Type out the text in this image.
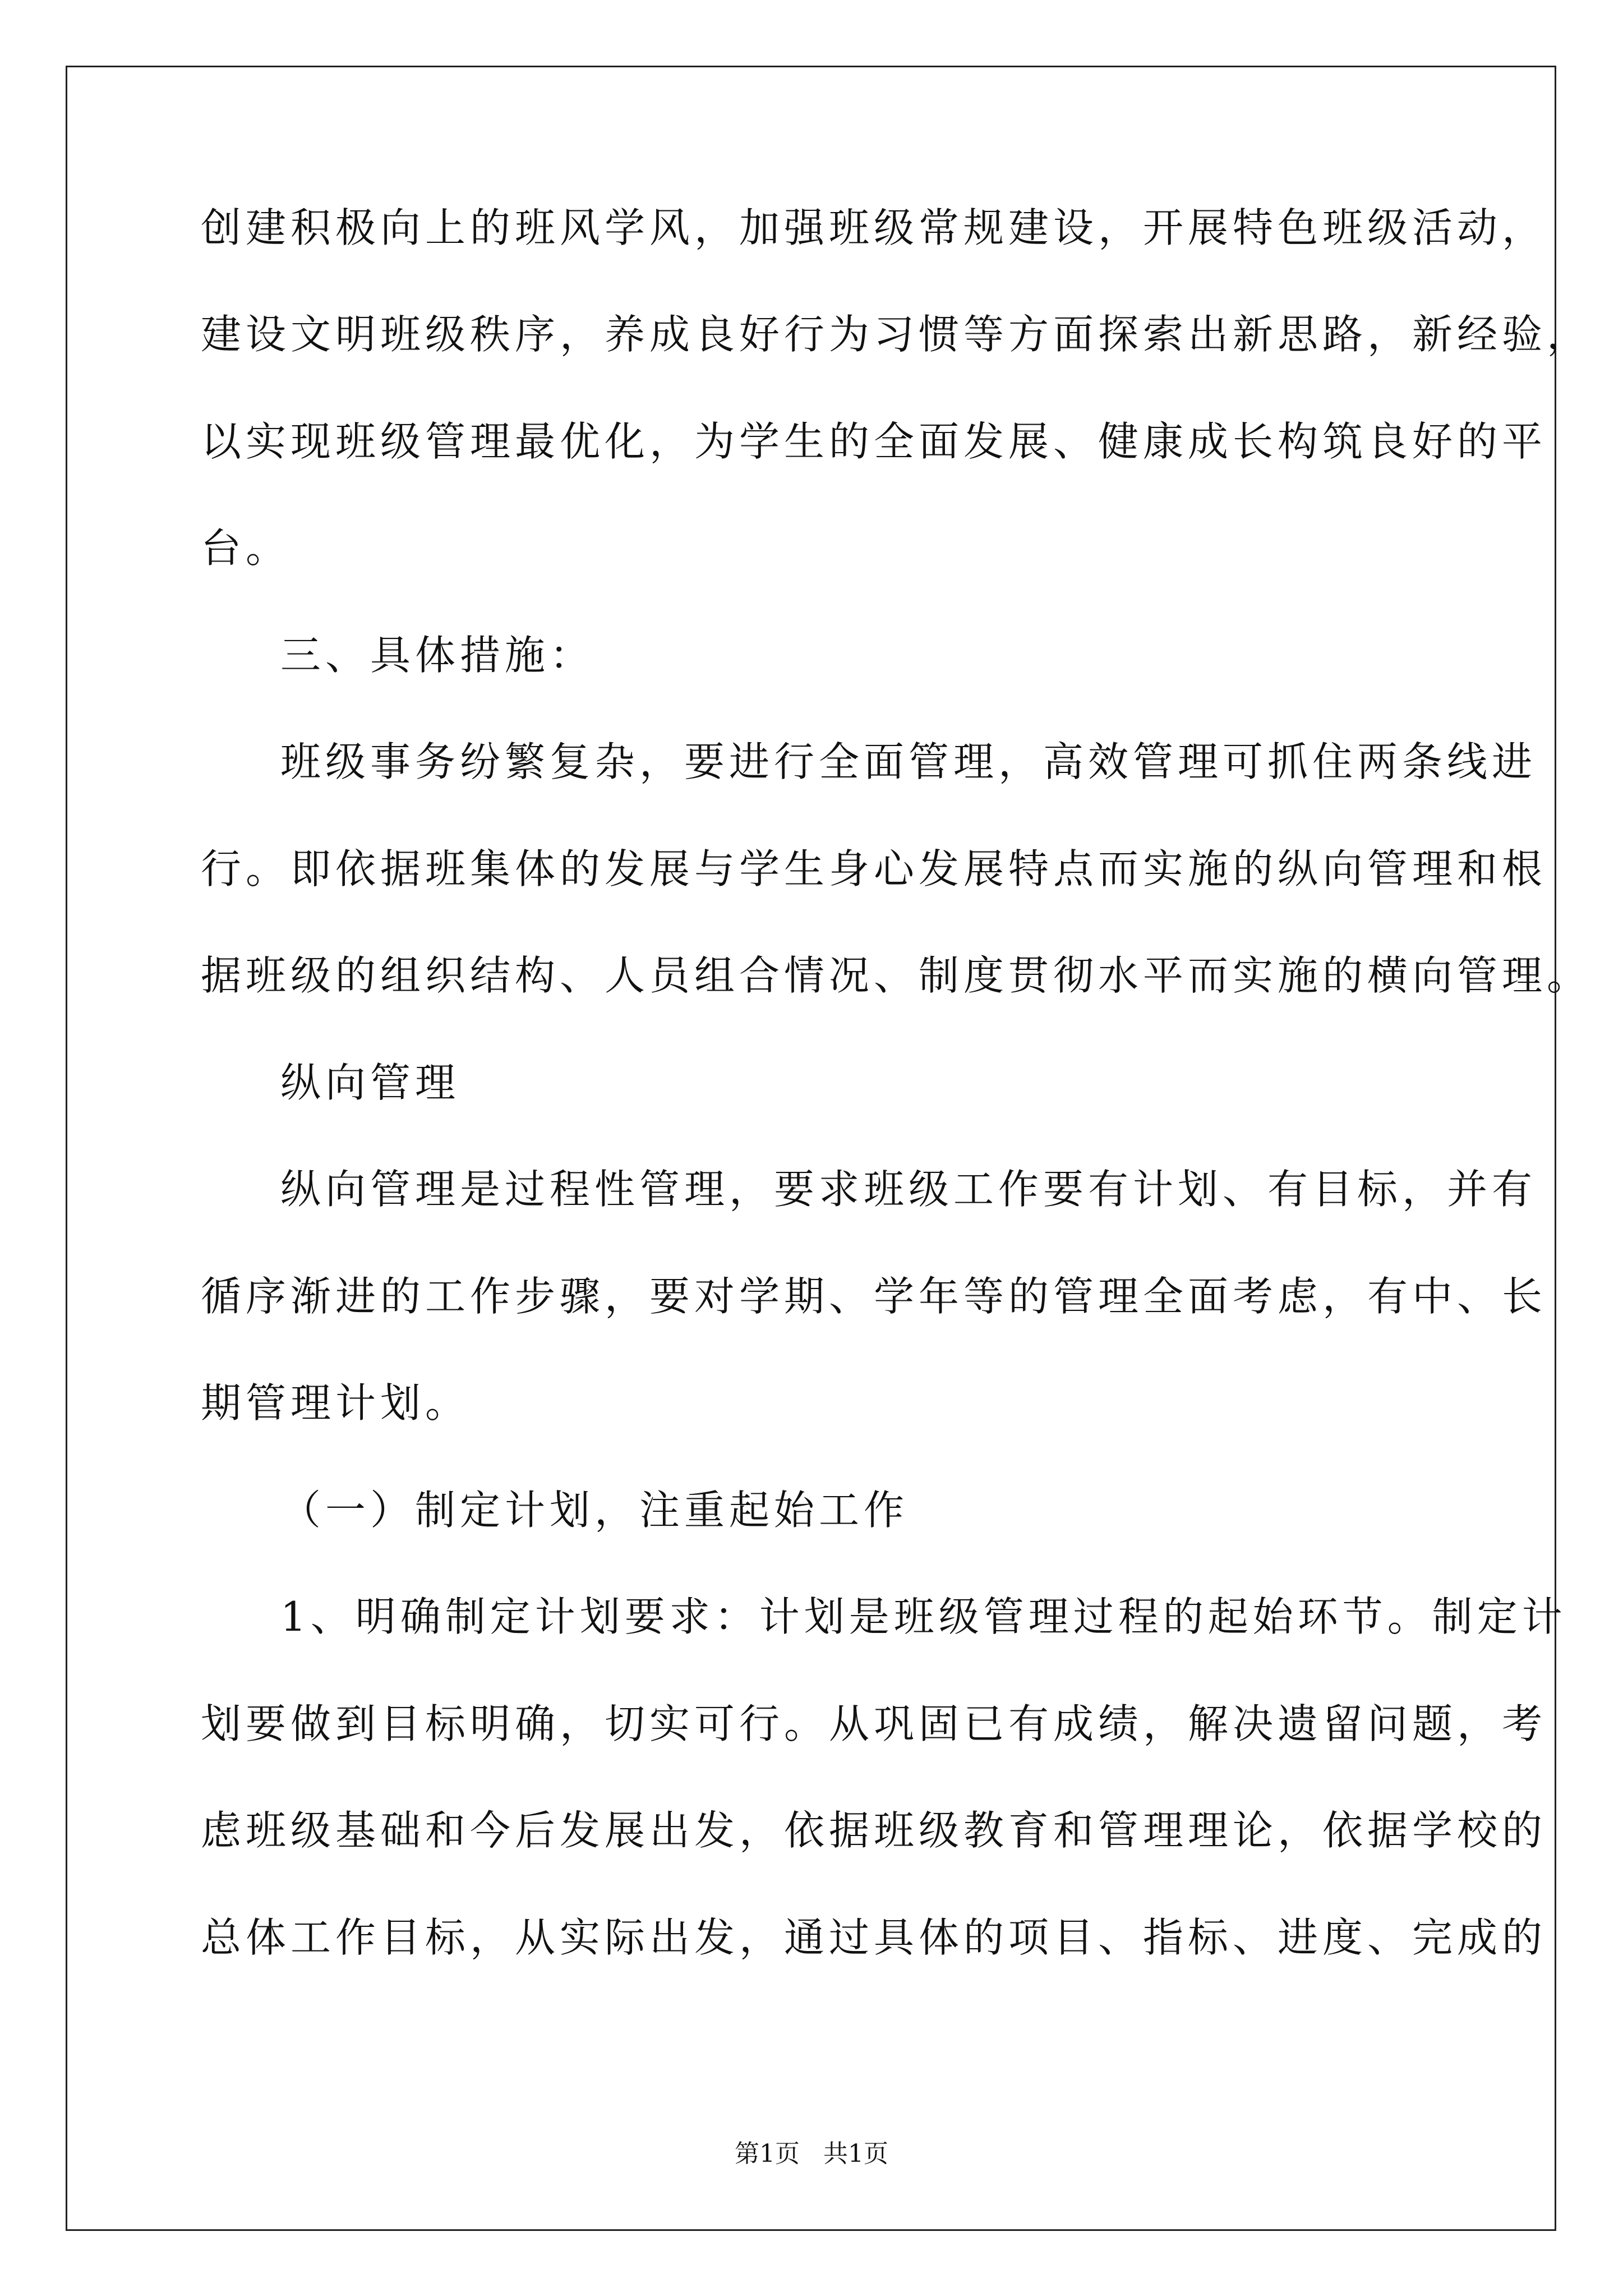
创建积极向上的班风学风，加强班级常规建设，开展特色班级活动，
建设文明班级秩序，养成良好行为习惯等方面探索出新思路，新经验，
以实现班级管理最优化，为学生的全面发展、健康成长构筑良好的平
台。
三、具体措施：
班级事务纷繁复杂，要进行全面管理，高效管理可抓住两条线进
行。即依据班集体的发展与学生身心发展特点而实施的纵向管理和根
据班级的组织结构、人员组合情况、制度贯彻水平而实施的横向管理。
纵向管理
纵向管理是过程性管理，要求班级工作要有计划、有目标，并有
循序渐进的工作步骤，要对学期、学年等的管理全面考虑，有中、长
期管理计划。
（一）制定计划，注重起始工作
1、明确制定计划要求：计划是班级管理过程的起始环节。制定计
划要做到目标明确，切实可行。从巩固已有成绩，解决遗留问题，考
虑班级基础和今后发展出发，依据班级教育和管理理论，依据学校的
总体工作目标，从实际出发，通过具体的项目、指标、进度、完成的
第1页   共1页
